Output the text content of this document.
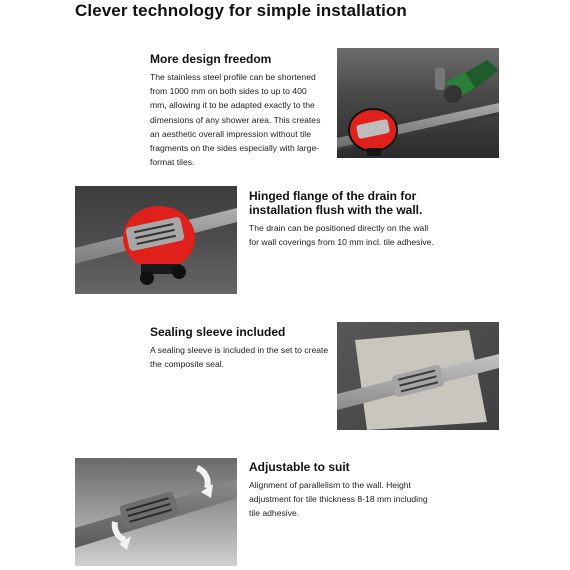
Clever technology for simple installation
More design freedom

The stainless steel profile can be shortened from 1000 mm on both sides to up to 400 mm, allowing it to be adapted exactly to the dimensions of any shower area. This creates an aesthetic overall impression without tile fragments on the sides especially with large-format tiles.

Hinged flange of the drain for installation flush with the wall.

The drain can be positioned directly on the wall for wall coverings from 10 mm incl. tile adhesive.

Sealing sleeve included

A sealing sleeve is included in the set to create the composite seal.

Adjustable to suit

Alignment of parallelism to the wall. Height adjustment for tile thickness 8-18 mm including tile adhesive.
